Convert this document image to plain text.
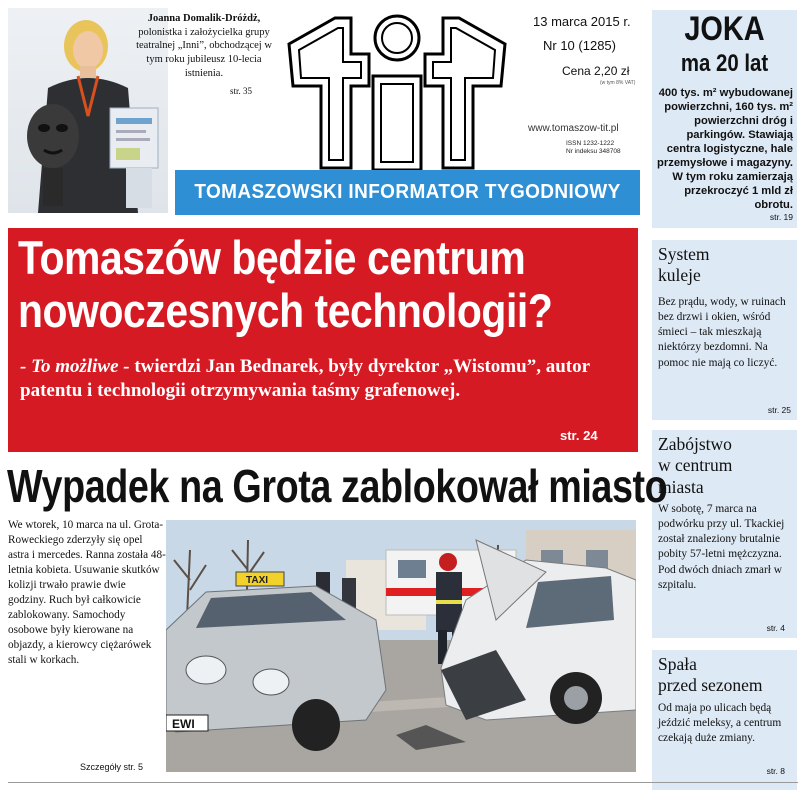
Joanna Domalik-Dróżdż,
polonistka i założycielka grupy teatralnej „Inni”, obchodzącej w tym roku jubileusz 10-lecia istnienia.
str. 35
13 marca 2015 r.
Nr 10 (1285)
Cena 2,20 zł
(w tym 8% VAT)
www.tomaszow-tit.pl
ISSN 1232-1222
Nr indeksu 348708
TOMASZOWSKI INFORMATOR TYGODNIOWY
JOKA
ma 20 lat
400 tys. m² wybudowanej powierzchni, 160 tys. m² powierzchni dróg i parkingów. Stawiają centra logistyczne, hale przemysłowe i magazyny. W tym roku zamierzają przekroczyć 1 mld zł obrotu.
str. 19
System
kuleje
Bez prądu, wody, w ruinach bez drzwi i okien, wśród śmieci – tak mieszkają niektórzy bezdomni. Na pomoc nie mają co liczyć.
str. 25
Zabójstwo
w centrum
miasta
W sobotę, 7 marca na podwórku przy ul. Tkackiej został znaleziony brutalnie pobity 57-letni mężczyzna. Pod dwóch dniach zmarł w szpitalu.
str. 4
Spała
przed sezonem
Od maja po ulicach będą jeździć meleksy, a centrum czekają duże zmiany.
str. 8
Tomaszów będzie centrum
nowoczesnych technologii?
- To możliwe - twierdzi Jan Bednarek, były dyrektor „Wistomu”, autor patentu i technologii otrzymywania taśmy grafenowej.
str. 24
Wypadek na Grota zablokował miasto
We wtorek, 10 marca na ul. Grota-Roweckiego zderzyły się opel astra i mercedes. Ranna została 48-letnia kobieta. Usuwanie skutków kolizji trwało prawie dwie godziny. Ruch był całkowicie zablokowany. Samochody osobowe były kierowane na objazdy, a kierowcy ciężarówek stali w korkach.
Szczegóły str. 5
TAXI
EWI
